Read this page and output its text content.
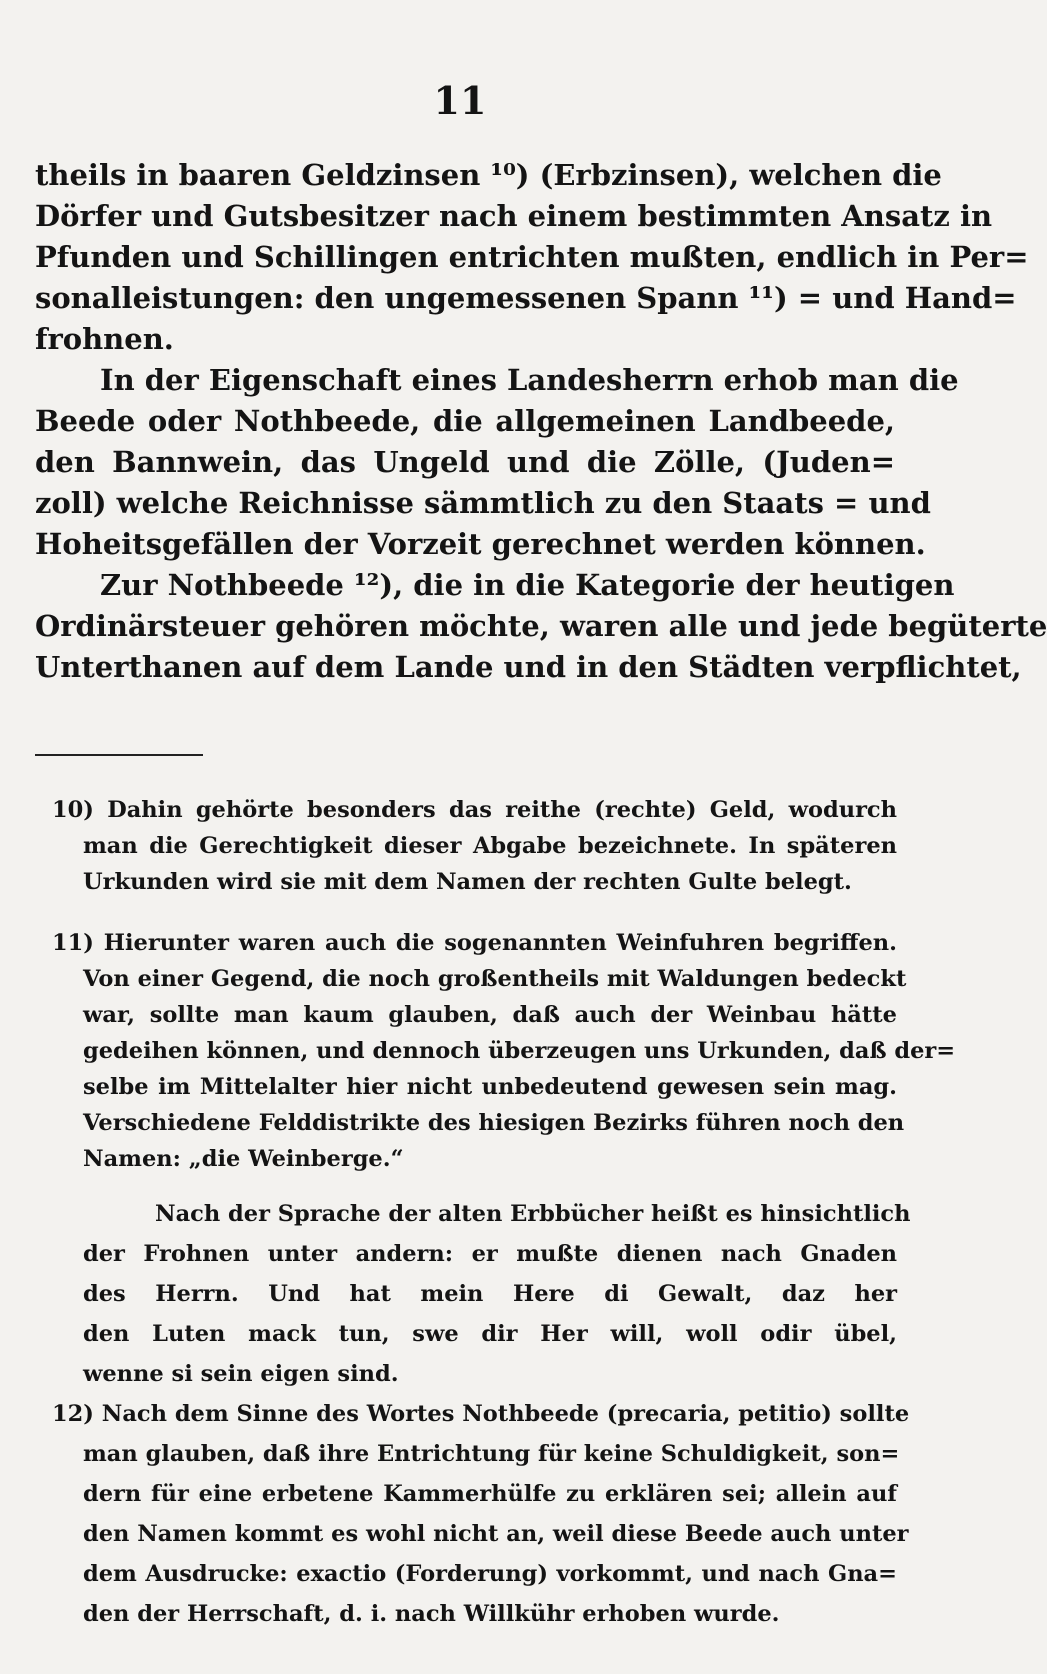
11
theils in baaren Geldzinsen ¹⁰) (Erbzinsen), welchen die
Dörfer und Gutsbesitzer nach einem bestimmten Ansatz in
Pfunden und Schillingen entrichten mußten, endlich in Per=
sonalleistungen: den ungemessenen Spann ¹¹) = und Hand=
frohnen.
In der Eigenschaft eines Landesherrn erhob man die
Beede oder Nothbeede, die allgemeinen Landbeede,
den Bannwein, das Ungeld und die Zölle, (Juden=
zoll) welche Reichnisse sämmtlich zu den Staats = und
Hoheitsgefällen der Vorzeit gerechnet werden können.
Zur Nothbeede ¹²), die in die Kategorie der heutigen
Ordinärsteuer gehören möchte, waren alle und jede begüterte
Unterthanen auf dem Lande und in den Städten verpflichtet,
10) Dahin gehörte besonders das reithe (rechte) Geld, wodurch
man die Gerechtigkeit dieser Abgabe bezeichnete. In späteren
Urkunden wird sie mit dem Namen der rechten Gulte belegt.
11) Hierunter waren auch die sogenannten Weinfuhren begriffen.
Von einer Gegend, die noch großentheils mit Waldungen bedeckt
war, sollte man kaum glauben, daß auch der Weinbau hätte
gedeihen können, und dennoch überzeugen uns Urkunden, daß der=
selbe im Mittelalter hier nicht unbedeutend gewesen sein mag.
Verschiedene Felddistrikte des hiesigen Bezirks führen noch den
Namen: „die Weinberge.“
Nach der Sprache der alten Erbbücher heißt es hinsichtlich
der Frohnen unter andern: er mußte dienen nach Gnaden
des Herrn. Und hat mein Here di Gewalt, daz her
den Luten mack tun, swe dir Her will, woll odir übel,
wenne si sein eigen sind.
12) Nach dem Sinne des Wortes Nothbeede (precaria, petitio) sollte
man glauben, daß ihre Entrichtung für keine Schuldigkeit, son=
dern für eine erbetene Kammerhülfe zu erklären sei; allein auf
den Namen kommt es wohl nicht an, weil diese Beede auch unter
dem Ausdrucke: exactio (Forderung) vorkommt, und nach Gna=
den der Herrschaft, d. i. nach Willkühr erhoben wurde.
